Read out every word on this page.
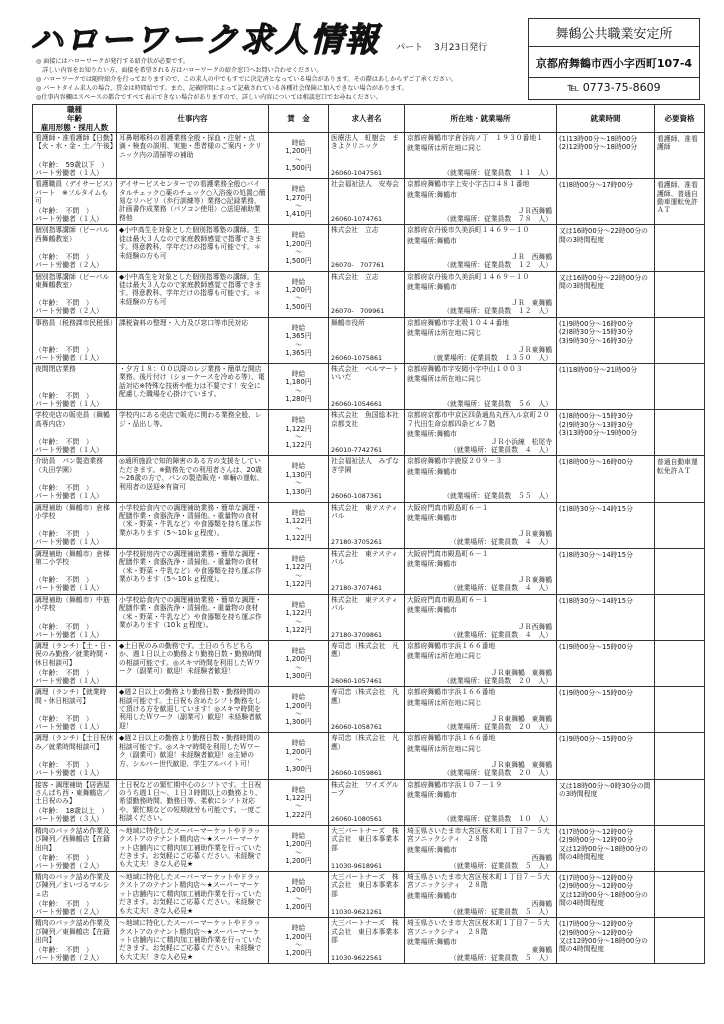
ハローワーク求人情報 パート 3月23日発行
舞鶴公共職業安定所
京都府舞鶴市西小字西町107-4
℡ 0773-75-8609
◎ 面接にはハローワークが発行する紹介状が必要です。
　詳しい内容をお知りたい方、面接を希望される方はハローワークの紹介窓口へお問い合わせください。
◎ ハローワークでは随時紹介を行っておりますので、この求人の中でもすでに決定済となっている場合があります。その際はあしからずご了承ください。
◎ パートタイム求人の場合、賃金は時間給です。また、記載時間によって記載されている各種社会保険に加入できない場合があります。
◎仕事内容欄はスペースの都合ですべて表示できない場合がありますので、詳しい内容については相談窓口でお尋ねください。
職種
年齢
雇用形態・採用人数	仕事内容	賃　金	求人者名	所在地・就業場所	就業時間	必要資格

看護師・准看護師【日勤】【火・水・金・土／午後】
（年齢：　59歳以下　）
パート労働者（１人）	耳鼻咽喉科の看護業務全般・採血・注射・点滴・検査の説明、実施・患者様のご案内・クリニック内の清掃等の補助	時給
1,200円
～
1,500円	医療法人　虹樹会　まきよクリニック
26060-1047561	京都府舞鶴市字倉谷向ノ丁　１９３０番地１
就業場所は所在地に同じ
（就業場所：従業員数　１１　人）	(1)13時00分～18時00分
(2)12時00分～18時00分	看護師、准看護師

看護職員（デイサービス）パート　※フルタイムも可
（年齢：　不問　）
パート労働者（１人）	デイサービスセンターでの看護業務全般○バイタルチェック○薬のチェック○入浴後の処置○簡易なリハビリ（歩行訓練等）業務○記録業務、計画書作成業務（パソコン使用）○送迎補助業務他	時給
1,270円
～
1,410円	社会福祉法人　安寿会
26060-1074761	京都府舞鶴市字上安小字古口４８１番地
就業場所:舞鶴市
ＪＲ西舞鶴
（就業場所：従業員数　７８　人）	(1)8時00分～17時00分	看護師、准看護師、普通自動車運転免許ＡＴ

個別指導講師（ピーパル西舞鶴教室）
（年齢：　不問　）
パート労働者（２人）	◆小中高生を対象とした個別指導塾の講師。生徒は最大３人なので家庭教師感覚で指導できます。得意教科、学年だけの指導も可能です。＊未経験の方も可	時給
1,200円
～
1,500円	株式会社　立志
26070-　707761	京都府京丹後市久美浜町１４６９－１０
就業場所:舞鶴市
ＪＲ　西舞鶴
（就業場所：従業員数　１２　人）	又は16時00分～22時00分の間の3時間程度	

個別指導講師（ピーパル東舞鶴教室）
（年齢：　不問　）
パート労働者（２人）	◆小中高生を対象とした個別指導塾の講師。生徒は最大３人なので家庭教師感覚で指導できます。得意教科、学年だけの指導も可能です。＊未経験の方も可	時給
1,200円
～
1,500円	株式会社　立志
26070-　709961	京都府京丹後市久美浜町１４６９－１０
就業場所:舞鶴市
ＪＲ　東舞鶴
（就業場所：従業員数　１２　人）	又は16時00分～22時00分の間の3時間程度	

事務員（税務課市民税係）
（年齢：　不問　）
パート労働者（１人）	課税資料の整理・入力及び窓口等市民対応	時給
1,365円
～
1,365円	舞鶴市役所
26060-1075861	京都府舞鶴市字北吸１０４４番地
就業場所は所在地に同じ
ＪＲ東舞鶴
（就業場所：従業員数　１３５０　人）	(1)9時00分～16時00分
(2)8時30分～15時30分
(3)9時30分～16時30分	

夜間閉店業務
（年齢：　不問　）
パート労働者（１人）	・夕方１８：００以降のレジ業務・簡単な開店業務、後片付け（ショーケースを冷める等）、電話対応※特殊な技術や能力は不要です！安全に配慮した職場を心掛けています。	時給
1,180円
～
1,280円	株式会社　ベルマートいいだ
26060-1054661	京都府舞鶴市字安岡小字中山１００３
就業場所は所在地に同じ
（就業場所：従業員数　５６　人）	(1)18時00分～21時00分	

学校売店の販売員（舞鶴高専内店）
（年齢：　不問　）
パート労働者（１人）	学校内にある売店で販売に関わる業務全般、レジ・品出し等。	時給
1,122円
～
1,122円	株式会社　魚国総本社　京都支社
26010-7742761	京都府京都市中京区四条通烏丸西入ル京町２０７代田生命京都四条ビル７階
就業場所:舞鶴市
ＪＲ小浜線　松尾寺
（就業場所：従業員数　４　人）	(1)8時00分～15時30分
(2)9時30分～13時30分
(3)13時00分～19時00分	

介助員　パン製造業務（丸田学園）
（年齢：　不問　）
パート労働者（１人）	◎通所施設で知的障害のある方の支援をしていただきます。※動務先での利用者さんは、20歳～26歳の方で、パンの製造販売・車輛の運転、利用者の送迎※有資可	時給
1,130円
～
1,130円	社会福祉法人　みずなぎ学園
26060-1087361	京都府舞鶴市字鹿原２０９－３
就業場所:舞鶴市
（就業場所：従業員数　５５　人）	(1)8時00分～16時00分	普通自動車運転免許ＡＴ

調理補助（舞鶴市）倉梯小学校
（年齢：　不問　）
パート労働者（１人）	小学校給食内での調理補助業務・簡単な調理・配膳作業・食器洗浄・清掃他。・重量物の食材（米・野菜・牛乳など）や食器類を持ち運ぶ作業があります（5～10ｋｇ程度）。	時給
1,122円
～
1,122円	株式会社　東テスティパル
27180-3705261	大阪府門真市殿島町６－１
就業場所:舞鶴市
ＪＲ東舞鶴
（就業場所：従業員数　４　人）	(1)8時30分～14時15分	

調理補助（舞鶴市）倉梯第二小学校
（年齢：　不問　）
パート労働者（１人）	小学校厨房内での調理補助業務・簡単な調理・配膳作業・食器洗浄・清掃他。・重量物の食材（米・野菜・牛乳など）や食器類を持ち運ぶ作業があります（5～10ｋｇ程度）。	時給
1,122円
～
1,122円	株式会社　東テスティパル
27180-3707461	大阪府門真市殿島町６－１
就業場所:舞鶴市
ＪＲ東舞鶴
（就業場所：従業員数　４　人）	(1)8時30分～14時15分	

調理補助（舞鶴市）中筋小学校
（年齢：　不問　）
パート労働者（１人）	小学校給食内での調理補助業務・簡単な調理・配膳作業・食器洗浄・清掃他。・重量物の食材（米・野菜・牛乳など）や食器類を持ち運ぶ作業があります（10ｋｇ程度）。	時給
1,122円
～
1,122円	株式会社　東テスティパル
27180-3709861	大阪府門真市殿島町６－１
就業場所:舞鶴市
ＪＲ西舞鶴
（就業場所：従業員数　４　人）	(1)8時30分～14時15分	

調理（ランチ）【土・日・祝のみ勤務／就業時間・休日相談可】
（年齢：　不問　）
パート労働者（１人）	◆土日祝のみの勤務です。土日のうちどちらか、週１日以上の勤務より勤務日数・勤務時間の相談可能です。◎スキマ時間を利用したＷワーク（副業可）歓迎！未経験者歓迎！	時給
1,200円
～
1,300円	寿司忠（株式会社　凡應）
26060-1057461	京都府舞鶴市字浜１６６番地
就業場所は所在地に同じ
ＪＲ東舞鶴　東舞鶴
（就業場所：従業員数　２０　人）	(1)9時00分～15時00分	

調理（ランチ）【就業時間・休日相談可】
（年齢：　不問　）
パート労働者（１人）	◆週２日以上の勤務より勤務日数・勤務時間の相談可能です。土日祝も含めたシフト勤務をして頂ける方を歓迎しています！◎スキマ時間を利用したＷワーク（副業可）歓迎！未経験者歓迎！	時給
1,200円
～
1,300円	寿司忠（株式会社　凡應）
26060-1058761	京都府舞鶴市字浜１６６番地
就業場所は所在地に同じ
ＪＲ東舞鶴　東舞鶴
（就業場所：従業員数　２０　人）	(1)9時00分～15時00分	

調理（ランチ）【土日祝休み／就業時間相談可】
（年齢：　不問　）
パート労働者（１人）	◆週２日以上の勤務より勤務日数・勤務時間の相談可能です。◎スキマ時間を利用したＷワーク（副業可）歓迎！未経験者歓迎！◎主婦の方、シルバー世代歓迎、学生アルバイト可！	時給
1,200円
～
1,300円	寿司忠（株式会社　凡應）
26060-1059861	京都府舞鶴市字浜１６６番地
就業場所は所在地に同じ
ＪＲ東舞鶴　東舞鶴
（就業場所：従業員数　２０　人）	(1)9時00分～15時00分	

接客・調理補助【居酒屋さんぱち西・東舞鶴店／土日祝のみ】
（年齢：　18歳以上　）
パート労働者（３人）	土日祝などの繁忙期中心のシフトです。土日祝のうち週１日～、１日３時間以上の勤務より、希望勤務時間、勤務日等、柔軟にシフト対応や、繁忙期などの短期就労も可能です。一度ご相談ください。	時給
1,122円
～
1,222円	株式会社　ワイズグループ
26060-1080561	京都府舞鶴市字浜１０７－１９
就業場所:舞鶴市
（就業場所：従業員数　１０　人）	又は18時00分～0時30分の間の3時間程度	

精肉のパック詰め作業及び陳列／西舞鶴店【在籍出向】
（年齢：　不問　）
パート労働者（２人）	～地域に特化したスーパーマーケットやドラックストアのテナント精肉店～★スーパーマーケット店舗内にて精肉加工補助作業を行っていただきます。お気軽にご応募ください。未経験でも大丈夫！きな人必見★	時給
1,200円
～
1,200円	大三パートナーズ　株式会社　東日本事業本部
11030-9618961	埼玉県さいたま市大宮区桜木町１丁目７－５大宮ソニックシティ　２８階
就業場所:舞鶴市
西舞鶴
（就業場所：従業員数　５　人）	(1)7時00分～12時00分
(2)9時00分～12時00分
又は12時00分～18時00分の間の4時間程度	

精肉のパック詰め作業及び陳列／まいづるマルシェ店
（年齢：　不問　）
パート労働者（２人）	～地域に特化したスーパーマーケットやドラックストアのテナント精肉店～★スーパーマーケット店舗内にて精肉加工補助作業を行っていただきます。お気軽にご応募ください。未経験でも大丈夫！きな人必見★	時給
1,200円
～
1,200円	大三パートナーズ　株式会社　東日本事業本部
11030-9621261	埼玉県さいたま市大宮区桜木町１丁目７－５大宮ソニックシティ　２８階
就業場所:舞鶴市
西舞鶴
（就業場所：従業員数　５　人）	(1)7時00分～12時00分
(2)9時00分～12時00分
又は12時00分～18時00分の間の4時間程度	

精肉のパック詰め作業及び陳列／東舞鶴店【在籍出向】
（年齢：　不問　）
パート労働者（２人）	～地域に特化したスーパーマーケットやドラックストアのテナント精肉店～★スーパーマーケット店舗内にて精肉加工補助作業を行っていただきます。お気軽にご応募ください。未経験でも大丈夫！きな人必見★	時給
1,200円
～
1,200円	大三パートナーズ　株式会社　東日本事業本部
11030-9622561	埼玉県さいたま市大宮区桜木町１丁目７－５大宮ソニックシティ　２８階
就業場所:舞鶴市
東舞鶴
（就業場所：従業員数　５　人）	(1)7時00分～12時00分
(2)9時00分～12時00分
又は12時00分～18時00分の間の4時間程度	
